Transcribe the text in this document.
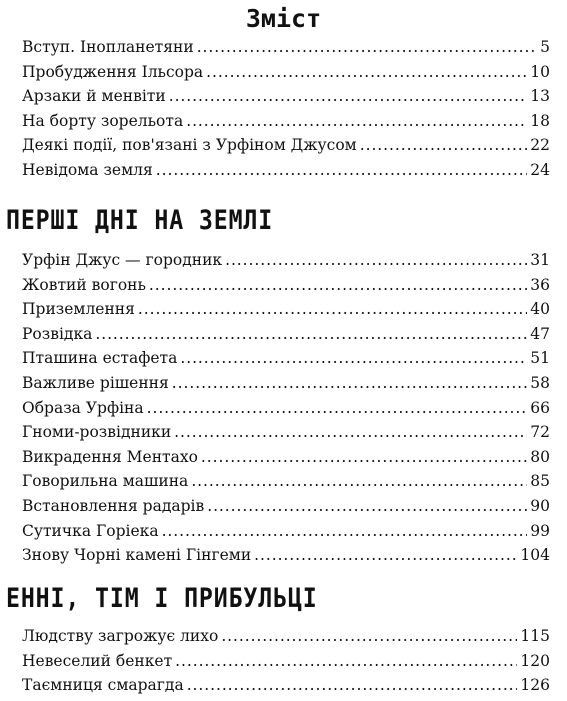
Зміст
Вступ. Інопланетяни . . .	5
Пробудження Ільсора . . .	10
Арзаки й менвіти . . .	13
На борту зорельота . . .	18
Деякі події, пов'язані з Урфіном Джусом . . .	22
Невідома земля . . .	24
ПЕРШІ ДНІ НА ЗЕМЛІ
Урфін Джус — городник . . .	31
Жовтий вогонь . . .	36
Приземлення . . .	40
Розвідка . . .	47
Пташина естафета . . .	51
Важливе рішення . . .	58
Образа Урфіна . . .	66
Гноми-розвідники . . .	72
Викрадення Ментахо . . .	80
Говорильна машина . . .	85
Встановлення радарів . . .	90
Сутичка Горіека . . .	99
Знову Чорні камені Гінгеми . . .	104
ЕННІ, ТІМ І ПРИБУЛЬЦІ
Людству загрожує лихо . . .	115
Невеселий бенкет . . .	120
Таємниця смарагда . . .	126
